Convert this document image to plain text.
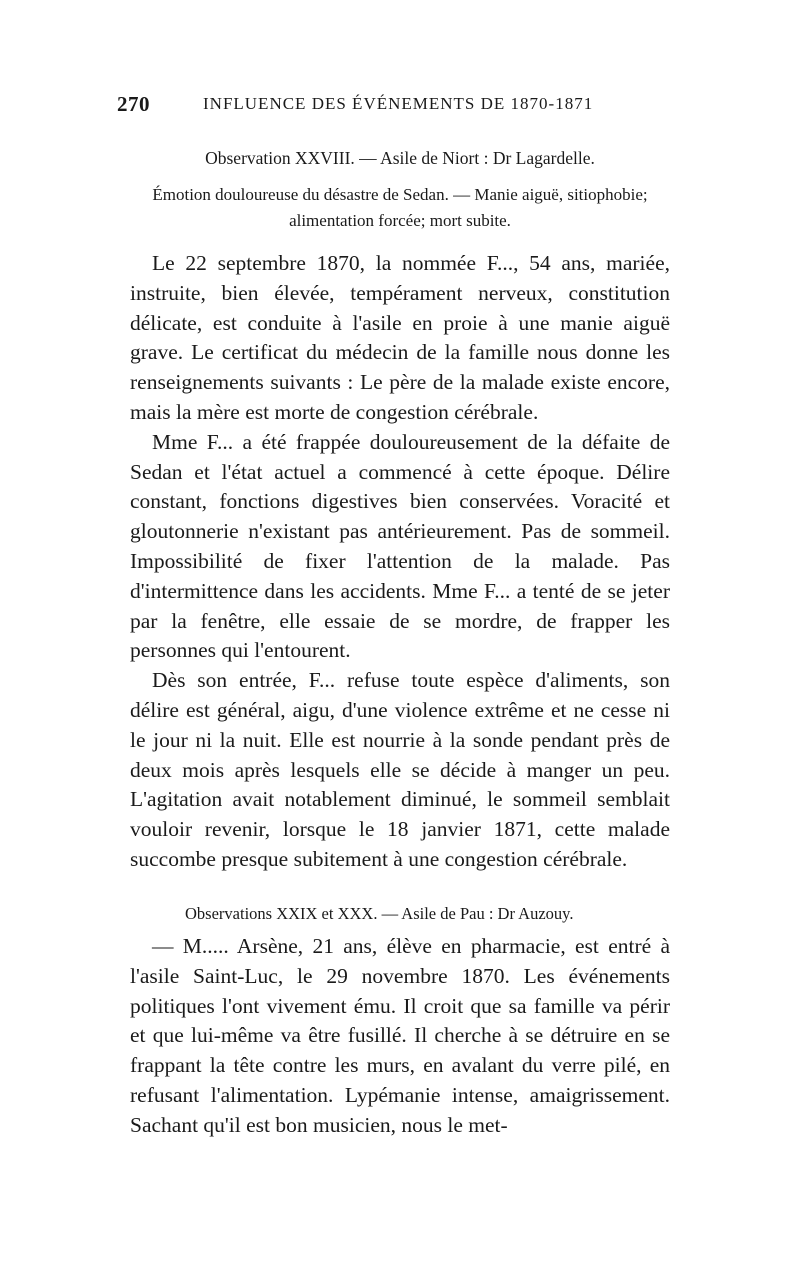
270	INFLUENCE DES ÉVÉNEMENTS DE 1870-1871
Observation XXVIII. — Asile de Niort : Dr Lagardelle.
Émotion douloureuse du désastre de Sedan. — Manie aiguë, sitiophobie;
alimentation forcée; mort subite.

Le 22 septembre 1870, la nommée F..., 54 ans, mariée, instruite, bien élevée, tempérament nerveux, constitution délicate, est conduite à l'asile en proie à une manie aiguë grave. Le certificat du médecin de la famille nous donne les renseignements suivants : Le père de la malade existe encore, mais la mère est morte de congestion cérébrale.

Mme F... a été frappée douloureusement de la défaite de Sedan et l'état actuel a commencé à cette époque. Délire constant, fonctions digestives bien conservées. Voracité et gloutonnerie n'existant pas antérieurement. Pas de sommeil. Impossibilité de fixer l'attention de la malade. Pas d'intermittence dans les accidents. Mme F... a tenté de se jeter par la fenêtre, elle essaie de se mordre, de frapper les personnes qui l'entourent.

Dès son entrée, F... refuse toute espèce d'aliments, son délire est général, aigu, d'une violence extrême et ne cesse ni le jour ni la nuit. Elle est nourrie à la sonde pendant près de deux mois après lesquels elle se décide à manger un peu. L'agitation avait notablement diminué, le sommeil semblait vouloir revenir, lorsque le 18 janvier 1871, cette malade succombe presque subitement à une congestion cérébrale.

Observations XXIX et XXX. — Asile de Pau : Dr Auzouy.

— M..... Arsène, 21 ans, élève en pharmacie, est entré à l'asile Saint-Luc, le 29 novembre 1870. Les événements politiques l'ont vivement ému. Il croit que sa famille va périr et que lui-même va être fusillé. Il cherche à se détruire en se frappant la tête contre les murs, en avalant du verre pilé, en refusant l'alimentation. Lypémanie intense, amaigrissement. Sachant qu'il est bon musicien, nous le met-
